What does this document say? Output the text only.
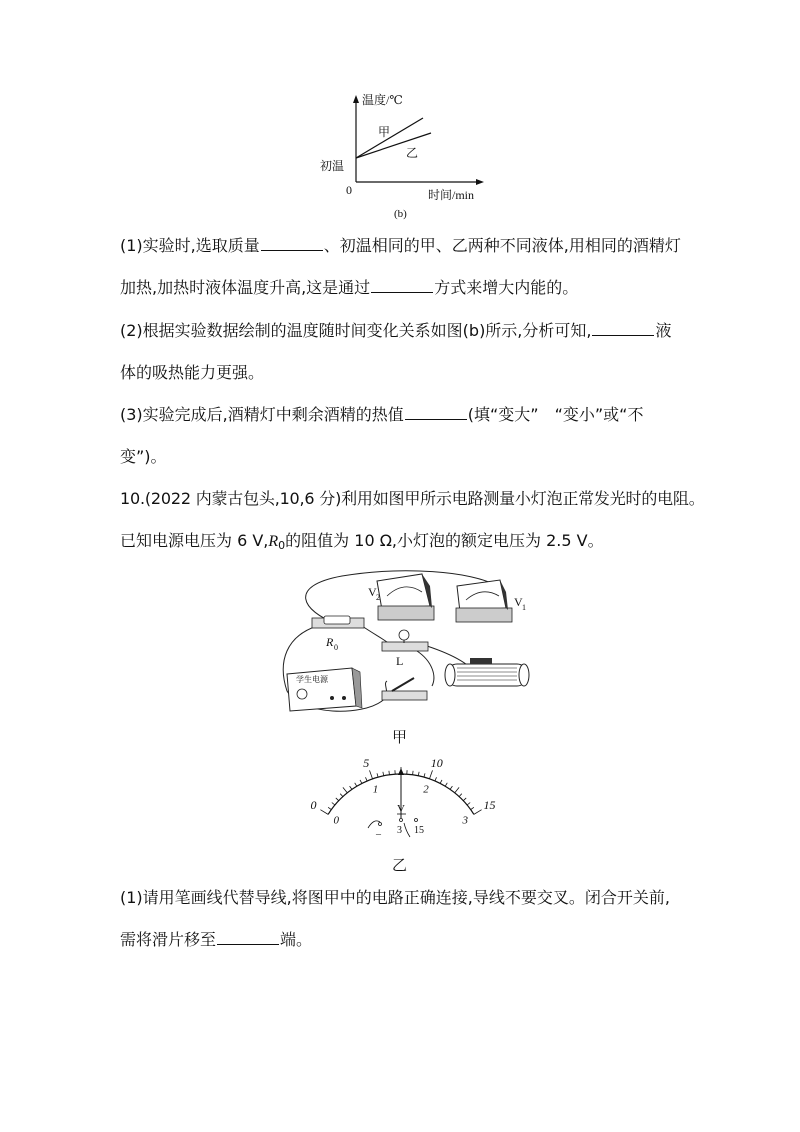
温度/℃
甲
乙
初温
0	时间/min
(b)
(1)实验时,选取质量	、初温相同的甲、乙两种不同液体,用相同的酒精灯
加热,加热时液体温度升高,这是通过	方式来增大内能的。
(2)根据实验数据绘制的温度随时间变化关系如图(b)所示,分析可知,	液
体的吸热能力更强。
(3)实验完成后,酒精灯中剩余酒精的热值	(填“变大”　“变小”或“不
变”)。
10.(2022 内蒙古包头,10,6 分)利用如图甲所示电路测量小灯泡正常发光时的电阻。
已知电源电压为 6 $V,R_0$的阻值为 10 Ω,小灯泡的额定电压为 2.5 V。
V 2	V 1
R 0
L
学生电源
甲
0
5	10
15
0
1	2
3
V
– 3 15
乙
(1)请用笔画线代替导线,将图甲中的电路正确连接,导线不要交叉。闭合开关前,
需将滑片移至	端。
